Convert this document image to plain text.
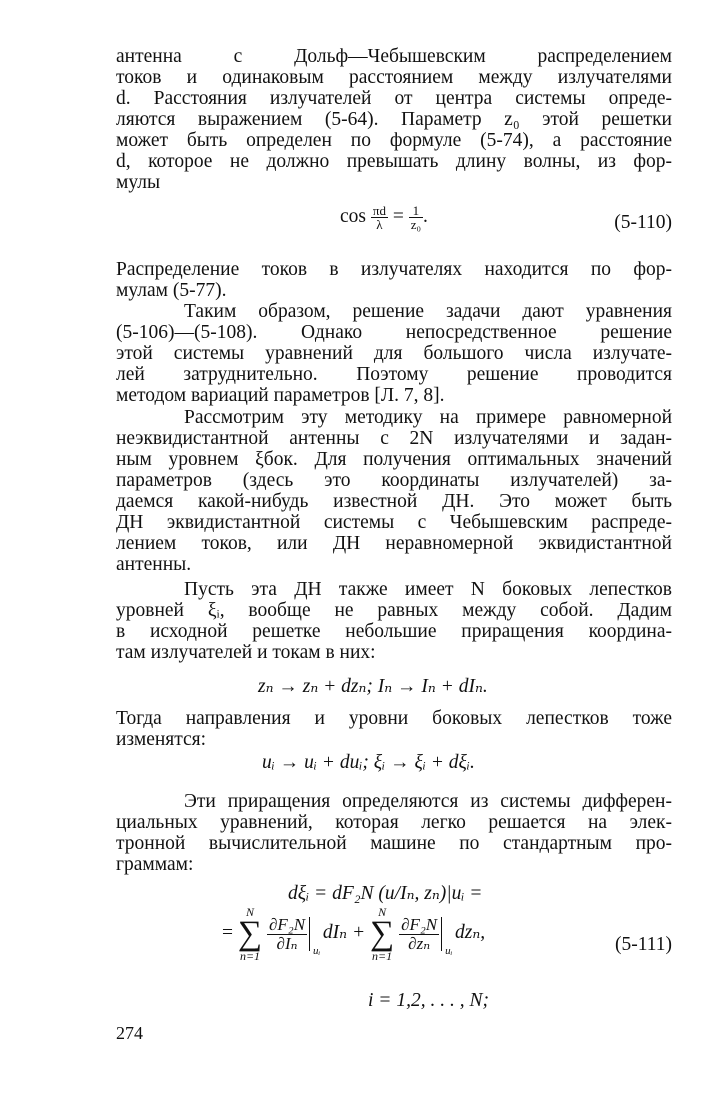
антенна с Дольф—Чебышевским распределением
токов и одинаковым расстоянием между излучателями
d. Расстояния излучателей от центра системы опреде-
ляются выражением (5-64). Параметр z₀ этой решетки
может быть определен по формуле (5-74), а расстояние
d, которое не должно превышать длину волны, из фор-
мулы
$\cos \frac{\pi d}{\lambda} = \frac{1}{\text{z₀}}$ .	(5-110)
Распределение токов в излучателях находится по фор-
мулам (5-77).
Таким образом, решение задачи дают уравнения
(5-106)—(5-108). Однако непосредственное решение
этой системы уравнений для большого числа излучате-
лей затруднительно. Поэтому решение проводится
методом вариаций параметров [Л. 7, 8].
Рассмотрим эту методику на примере равномерной
неэквидистантной антенны с 2N излучателями и задан-
ным уровнем ξбок. Для получения оптимальных значений
параметров (здесь это координаты излучателей) за-
даемся какой-нибудь известной ДН. Это может быть
ДН эквидистантной системы с Чебышевским распреде-
лением токов, или ДН неравномерной эквидистантной
антенны.
Пусть эта ДН также имеет N боковых лепестков
уровней ξᵢ, вообще не равных между собой. Дадим
в исходной решетке небольшие приращения координа-
там излучателей и токам в них:
zₙ → zₙ + dzₙ; Iₙ → Iₙ + dIₙ.
Тогда направления и уровни боковых лепестков тоже
изменятся:
uᵢ → uᵢ + duᵢ; ξᵢ → ξᵢ + dξᵢ.
Эти приращения определяются из системы дифферен-
циальных уравнений, которая легко решается на элек-
тронной вычислительной машине по стандартным про-
граммам:
dξᵢ = dF₂N (u/Iₙ, zₙ)|uᵢ =
= N
∑
n=1
$\frac{\text{∂F₂N}}{\text{∂Iₙ}}$ uᵢ
dIₙ + N
∑
n=1
$\frac{\text{∂F₂N}}{\text{∂zₙ}}$ uᵢ
dzₙ,
(5-111)
i = 1,2, . . . , N;
274
